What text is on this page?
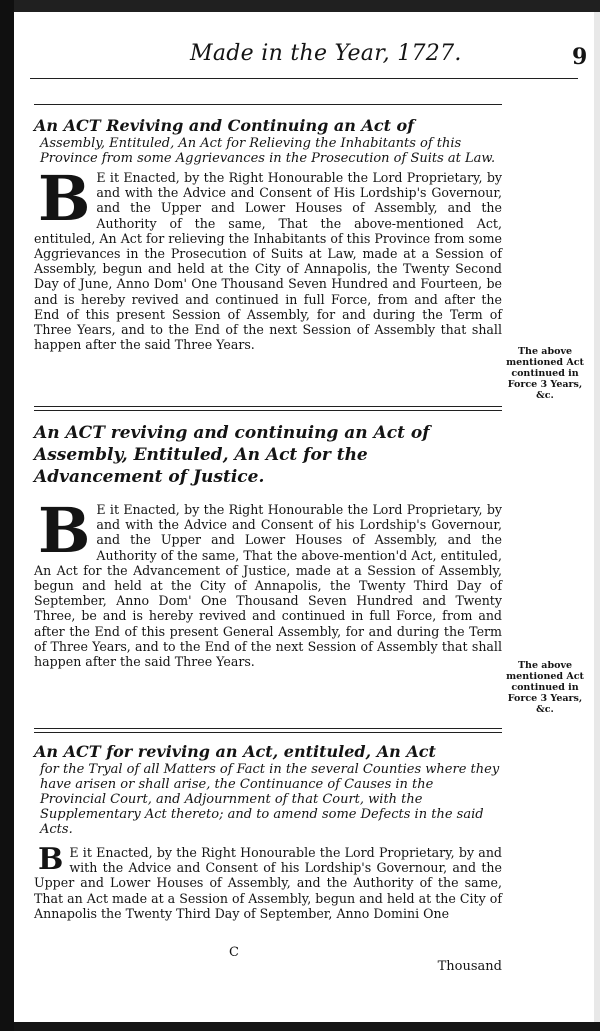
Made in the Year, 1727.	9

An ACT Reviving and Continuing an Act of

Assembly, Entituled, An Act for Relieving the Inhabitants of this Province from some Aggrievances in the Prosecution of Suits at Law.

B E it Enacted, by the Right Honourable the Lord Proprietary, by and with the Advice and Consent of His Lordship's Governour, and the Upper and Lower Houses of Assembly, and the Authority of the same, That the above-mentioned Act, entituled, An Act for relieving the Inhabitants of this Province from some Aggrievances in the Prosecution of Suits at Law, made at a Session of Assembly, begun and held at the City of Annapolis, the Twenty Second Day of June, Anno Dom' One Thousand Seven Hundred and Fourteen, be and is hereby revived and continued in full Force, from and after the End of this present Session of Assembly, for and during the Term of Three Years, and to the End of the next Session of Assembly that shall happen after the said Three Years.	The above mentioned Act continued in Force 3 Years, &c.

An ACT reviving and continuing an Act of Assembly, Entituled, An Act for the Advancement of Justice.

B E it Enacted, by the Right Honourable the Lord Proprietary, by and with the Advice and Consent of his Lordship's Governour, and the Upper and Lower Houses of Assembly, and the Authority of the same, That the above-mention'd Act, entituled, An Act for the Advancement of Justice, made at a Session of Assembly, begun and held at the City of Annapolis, the Twenty Third Day of September, Anno Dom' One Thousand Seven Hundred and Twenty Three, be and is hereby revived and continued in full Force, from and after the End of this present General Assembly, for and during the Term of Three Years, and to the End of the next Session of Assembly that shall happen after the said Three Years.	The above mentioned Act continued in Force 3 Years, &c.

An ACT for reviving an Act, entituled, An Act

for the Tryal of all Matters of Fact in the several Counties where they have arisen or shall arise, the Continuance of Causes in the Provincial Court, and Adjournment of that Court, with the Supplementary Act thereto; and to amend some Defects in the said Acts.

B E it Enacted, by the Right Honourable the Lord Proprietary, by and with the Advice and Consent of his Lordship's Governour, and the Upper and Lower Houses of Assembly, and the Authority of the same, That an Act made at a Session of Assembly, begun and held at the City of Annapolis the Twenty Third Day of September, Anno Domini One
C
Thousand
